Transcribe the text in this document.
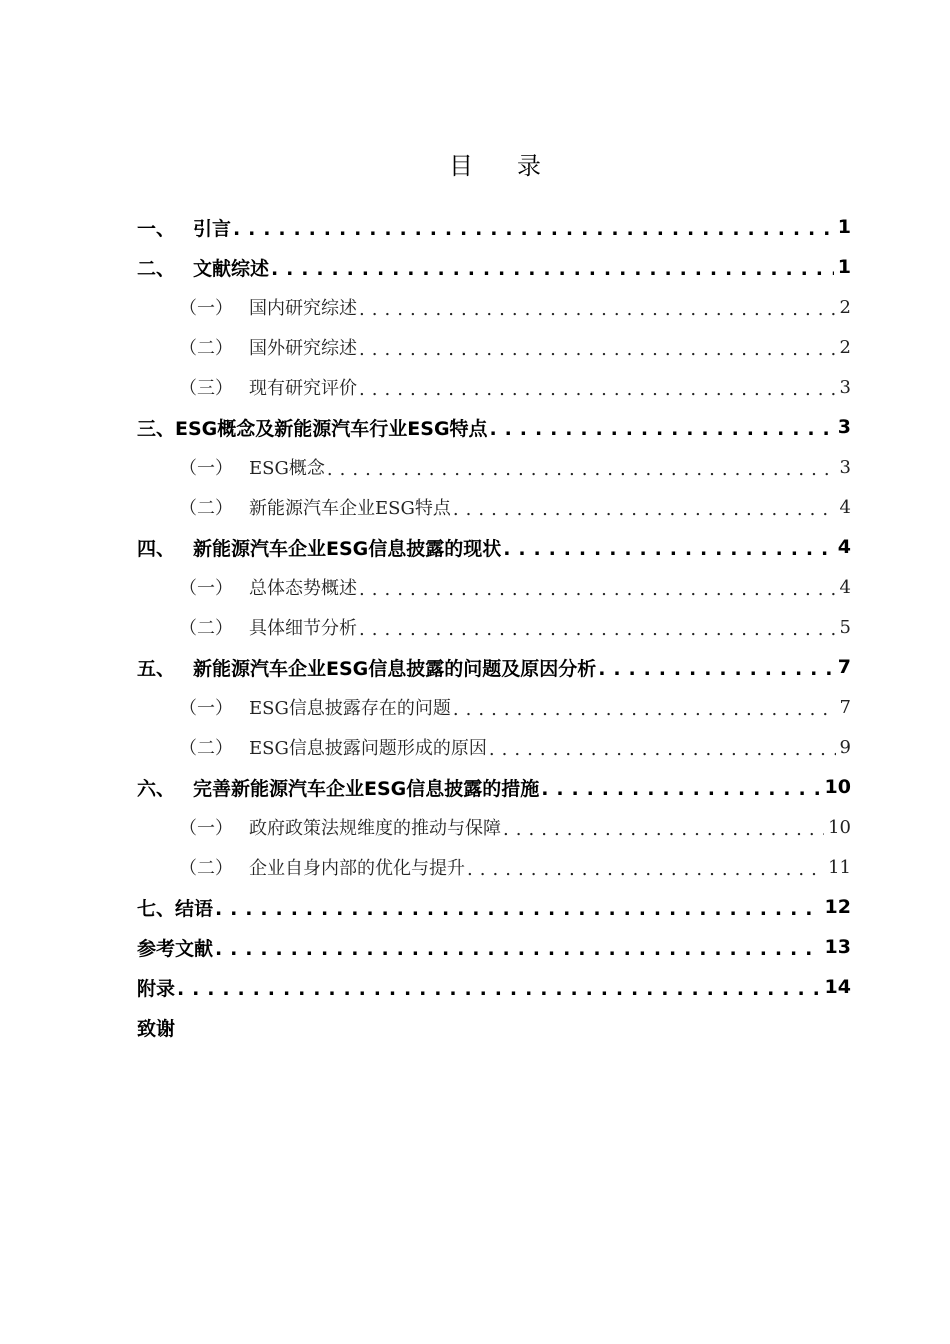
目 录
一、 引言 . . .	1
二、 文献综述 . . .	1
（一） 国内研究综述 . . .	2
（二） 国外研究综述 . . .	2
（三） 现有研究评价 . . .	3
三、 ESG概念及新能源汽车行业ESG特点 . . .	3
（一） ESG概念 . . .	3
（二） 新能源汽车企业ESG特点 . . .	4
四、 新能源汽车企业ESG信息披露的现状 . . .	4
（一） 总体态势概述 . . .	4
（二） 具体细节分析 . . .	5
五、 新能源汽车企业ESG信息披露的问题及原因分析 . . .	7
（一） ESG信息披露存在的问题 . . .	7
（二） ESG信息披露问题形成的原因 . . .	9
六、 完善新能源汽车企业ESG信息披露的措施 . . .	10
（一） 政府政策法规维度的推动与保障 . . .	10
（二） 企业自身内部的优化与提升 . . .	11
七、 结语 . . .	12
参考文献 . . .	13
附录 . . .	14
致谢
